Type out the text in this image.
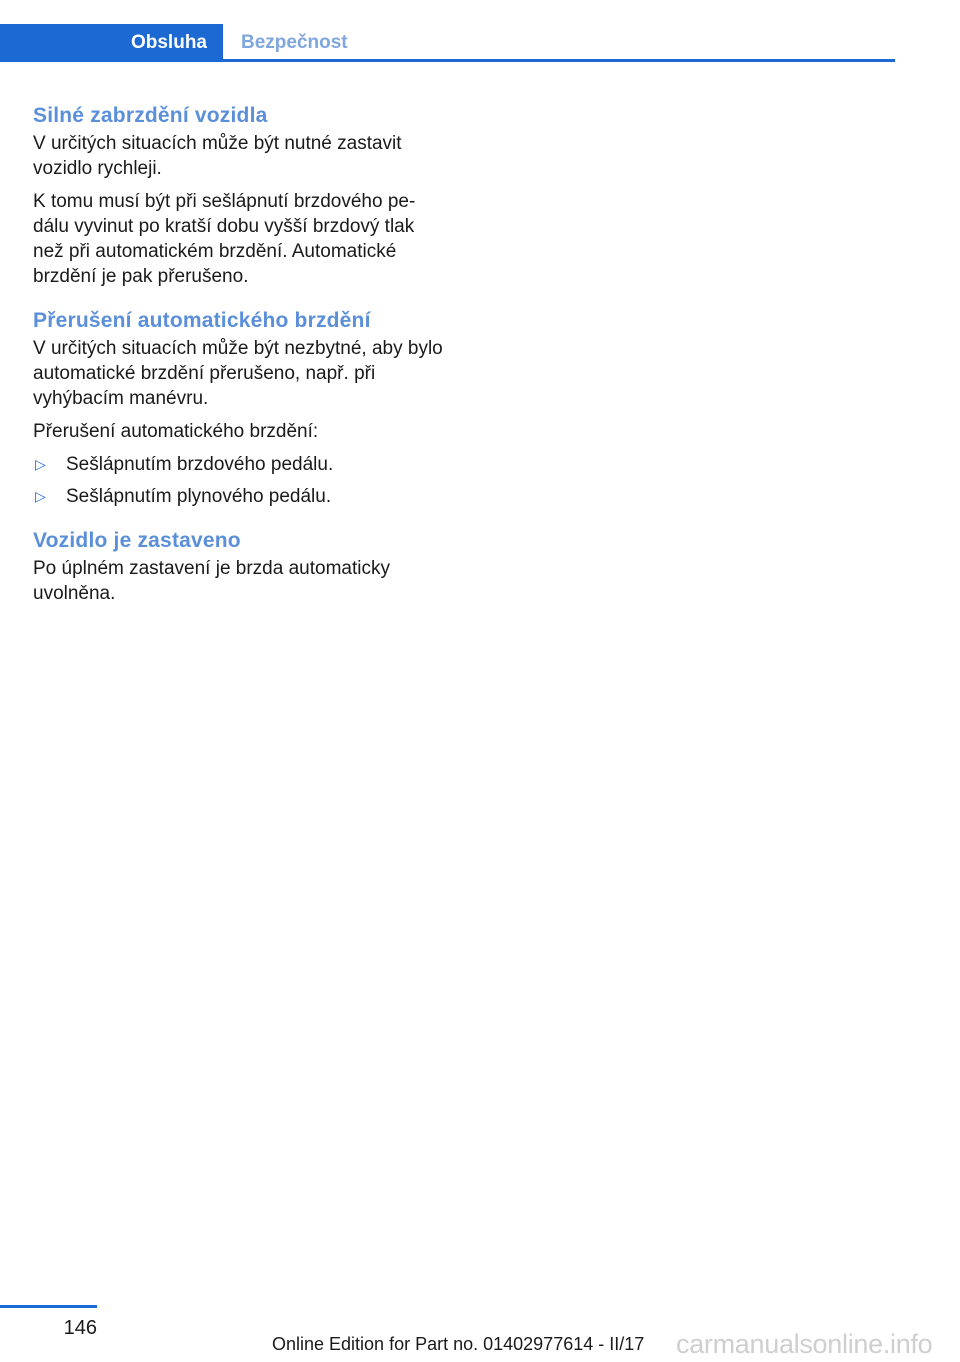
Obsluha	Bezpečnost
Silné zabrzdění vozidla

V určitých situacích může být nutné zastavit vozidlo rychleji.

K tomu musí být při sešlápnutí brzdového pedálu vyvinut po kratší dobu vyšší brzdový tlak než při automatickém brzdění. Automatické brzdění je pak přerušeno.

Přerušení automatického brzdění

V určitých situacích může být nezbytné, aby bylo automatické brzdění přerušeno, např. při vyhýbacím manévru.

Přerušení automatického brzdění:

▷ Sešlápnutím brzdového pedálu.
▷ Sešlápnutím plynového pedálu.
Vozidlo je zastaveno

Po úplném zastavení je brzda automaticky uvolněna.

146
Online Edition for Part no. 01402977614 - II/17 carmanualsonline.info
